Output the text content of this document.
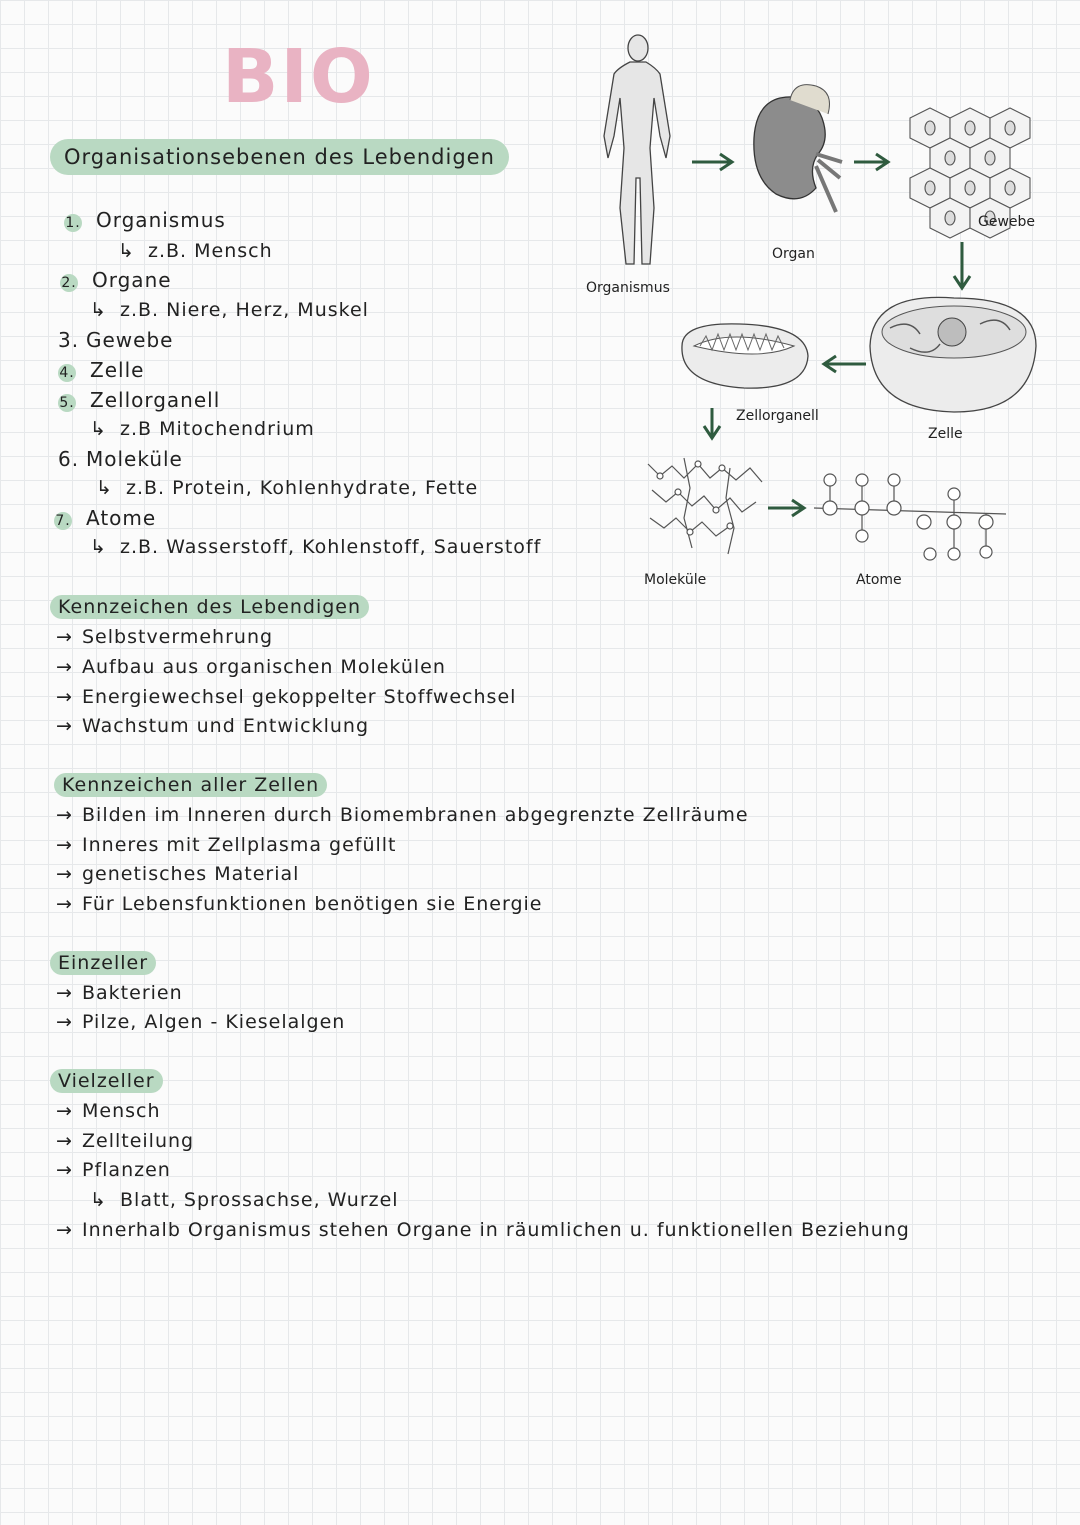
BIO
Organisationsebenen des Lebendigen
1. Organismus
↳ z.B. Mensch
2. Organe
↳ z.B. Niere, Herz, Muskel
3. Gewebe
4. Zelle
5. Zellorganell
↳ z.B Mitochendrium
6. Moleküle
↳ z.B. Protein, Kohlenhydrate, Fette
7. Atome
↳ z.B. Wasserstoff, Kohlenstoff, Sauerstoff
Organismus
Organ
Gewebe
Zelle
Zellorganell
Moleküle	Atome
Kennzeichen des Lebendigen
→ Selbstvermehrung
→ Aufbau aus organischen Molekülen
→ Energiewechsel gekoppelter Stoffwechsel
→ Wachstum und Entwicklung
Kennzeichen aller Zellen
→ Bilden im Inneren durch Biomembranen abgegrenzte Zellräume
→ Inneres mit Zellplasma gefüllt
→ genetisches Material
→ Für Lebensfunktionen benötigen sie Energie
Einzeller
→ Bakterien
→ Pilze, Algen - Kieselalgen
Vielzeller
→ Mensch
→ Zellteilung
→ Pflanzen
↳ Blatt, Sprossachse, Wurzel
→ Innerhalb Organismus stehen Organe in räumlichen u. funktionellen Beziehung
